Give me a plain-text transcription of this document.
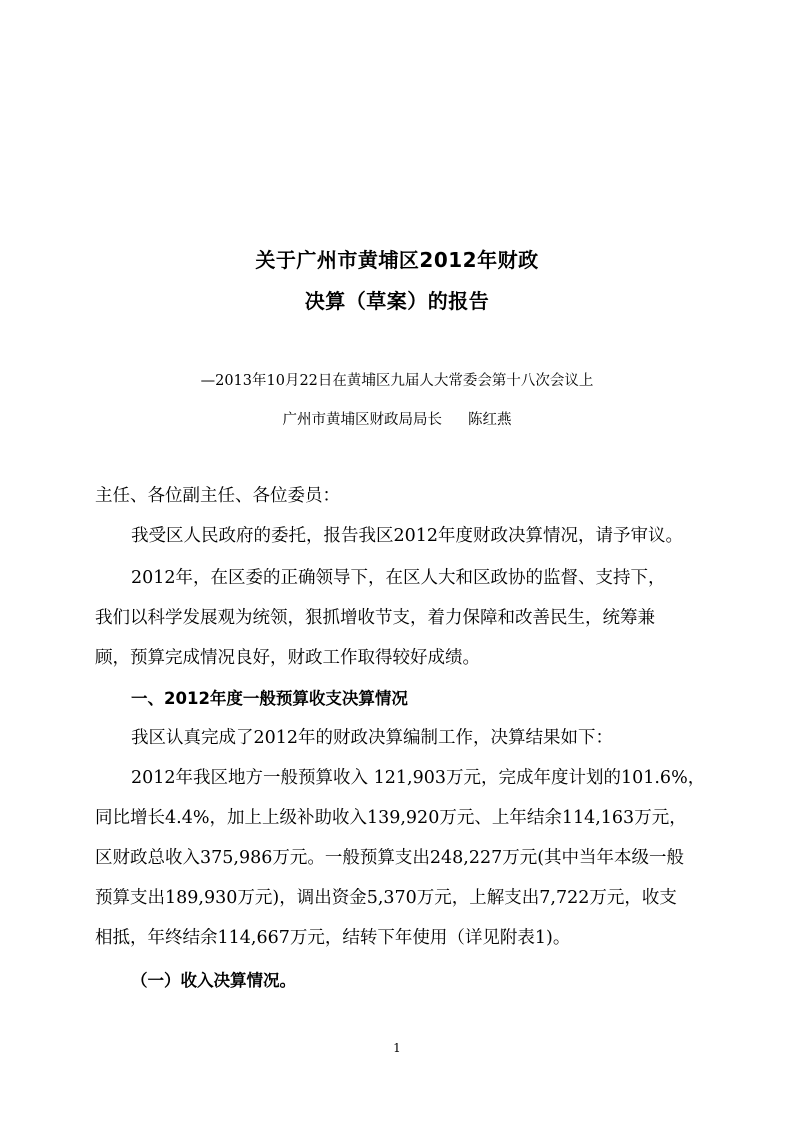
关于广州市黄埔区2012年财政
决算（草案）的报告
—2013年10月22日在黄埔区九届人大常委会第十八次会议上
广州市黄埔区财政局局长 陈红燕
主任、各位副主任、各位委员：
我受区人民政府的委托，报告我区2012年度财政决算情况，请予审议。
2012年，在区委的正确领导下，在区人大和区政协的监督、支持下，
我们以科学发展观为统领，狠抓增收节支，着力保障和改善民生，统筹兼
顾，预算完成情况良好，财政工作取得较好成绩。
一、2012年度一般预算收支决算情况
我区认真完成了2012年的财政决算编制工作，决算结果如下：
2012年我区地方一般预算收入 121,903万元，完成年度计划的101.6%，
同比增长4.4%，加上上级补助收入139,920万元、上年结余114,163万元，
区财政总收入375,986万元。一般预算支出248,227万元(其中当年本级一般
预算支出189,930万元)，调出资金5,370万元，上解支出7,722万元，收支
相抵，年终结余114,667万元，结转下年使用（详见附表1)。
（一）收入决算情况。
1
